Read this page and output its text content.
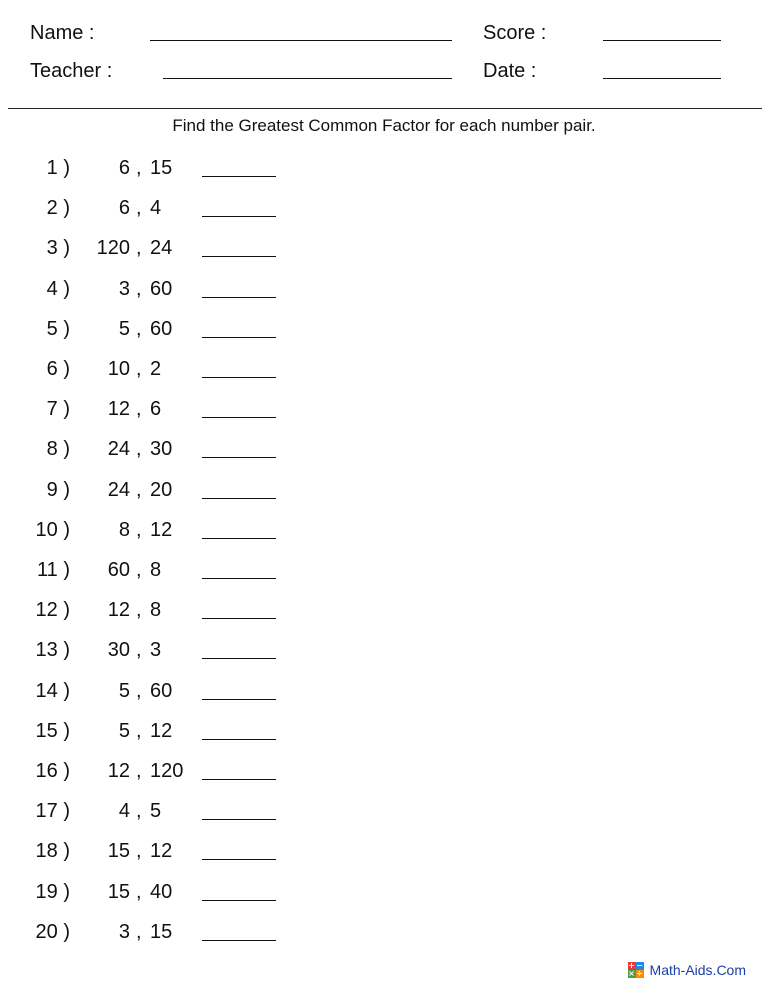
Name :	Score :
Teacher :	Date :
Find the Greatest Common Factor for each number pair.
1 ) 6 , 15
2 ) 6 , 4
3 ) 120 , 24
4 ) 3 , 60
5 ) 5 , 60
6 ) 10 , 2
7 ) 12 , 6
8 ) 24 , 30
9 ) 24 , 20
10 ) 8 , 12
11 ) 60 , 8
12 ) 12 , 8
13 ) 30 , 3
14 ) 5 , 60
15 ) 5 , 12
16 ) 12 , 120
17 ) 4 , 5
18 ) 15 , 12
19 ) 15 , 40
20 ) 3 , 15
+ −
× ÷ Math-Aids.Com
